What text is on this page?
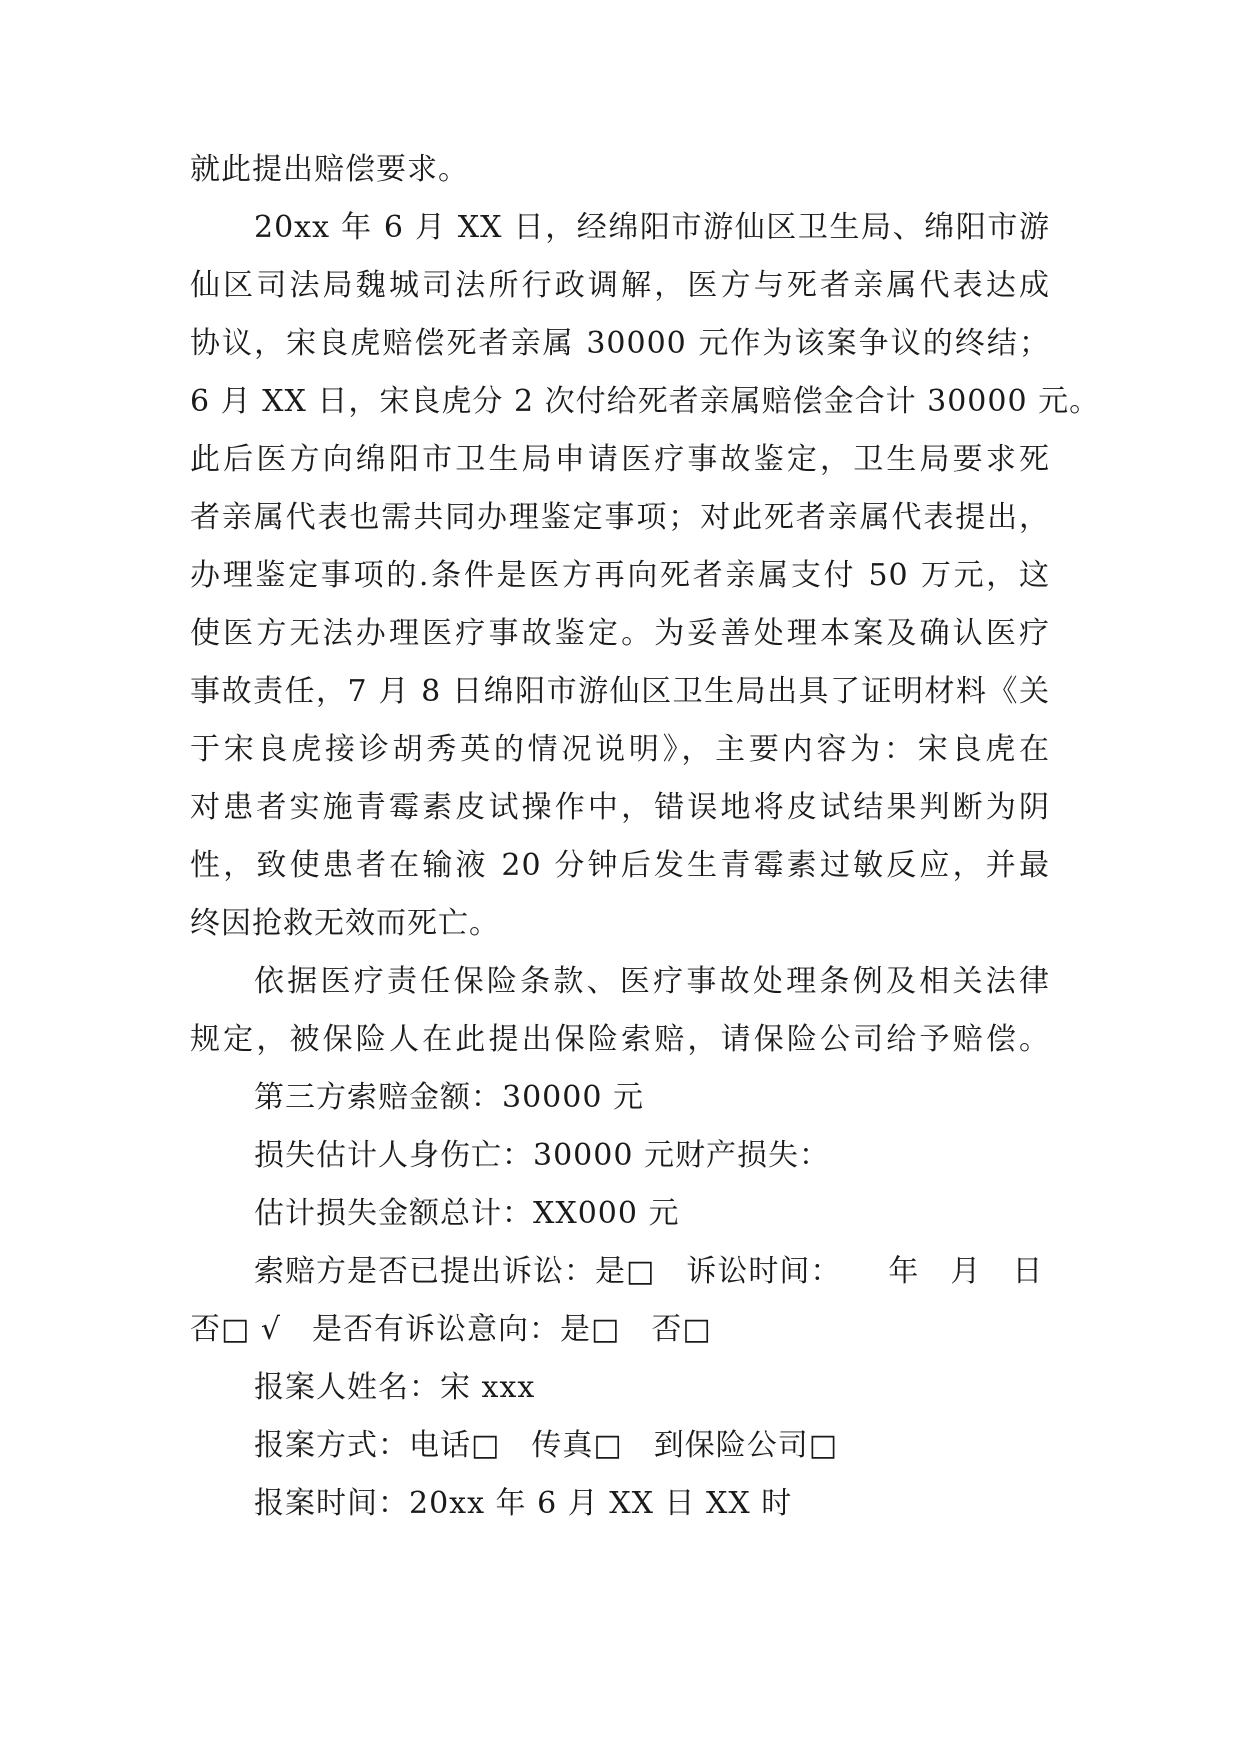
就此提出赔偿要求。
20xx 年 6 月 XX 日，经绵阳市游仙区卫生局、绵阳市游
仙区司法局魏城司法所行政调解，医方与死者亲属代表达成
协议，宋良虎赔偿死者亲属 30000 元作为该案争议的终结；
6 月 XX 日，宋良虎分 2 次付给死者亲属赔偿金合计 30000 元。
此后医方向绵阳市卫生局申请医疗事故鉴定，卫生局要求死
者亲属代表也需共同办理鉴定事项；对此死者亲属代表提出，
办理鉴定事项的.条件是医方再向死者亲属支付 50 万元，这
使医方无法办理医疗事故鉴定。为妥善处理本案及确认医疗
事故责任，7 月 8 日绵阳市游仙区卫生局出具了证明材料《关
于宋良虎接诊胡秀英的情况说明》，主要内容为：宋良虎在
对患者实施青霉素皮试操作中，错误地将皮试结果判断为阴
性，致使患者在输液 20 分钟后发生青霉素过敏反应，并最
终因抢救无效而死亡。
依据医疗责任保险条款、医疗事故处理条例及相关法律
规定，被保险人在此提出保险索赔，请保险公司给予赔偿。
第三方索赔金额：30000 元
损失估计人身伤亡：30000 元财产损失：
估计损失金额总计：XX000 元
索赔方是否已提出诉讼：是□　诉讼时间：　　年　月　日
否□ √　是否有诉讼意向：是□　否□
报案人姓名：宋 xxx
报案方式：电话□　传真□　到保险公司□
报案时间：20xx 年 6 月 XX 日 XX 时
